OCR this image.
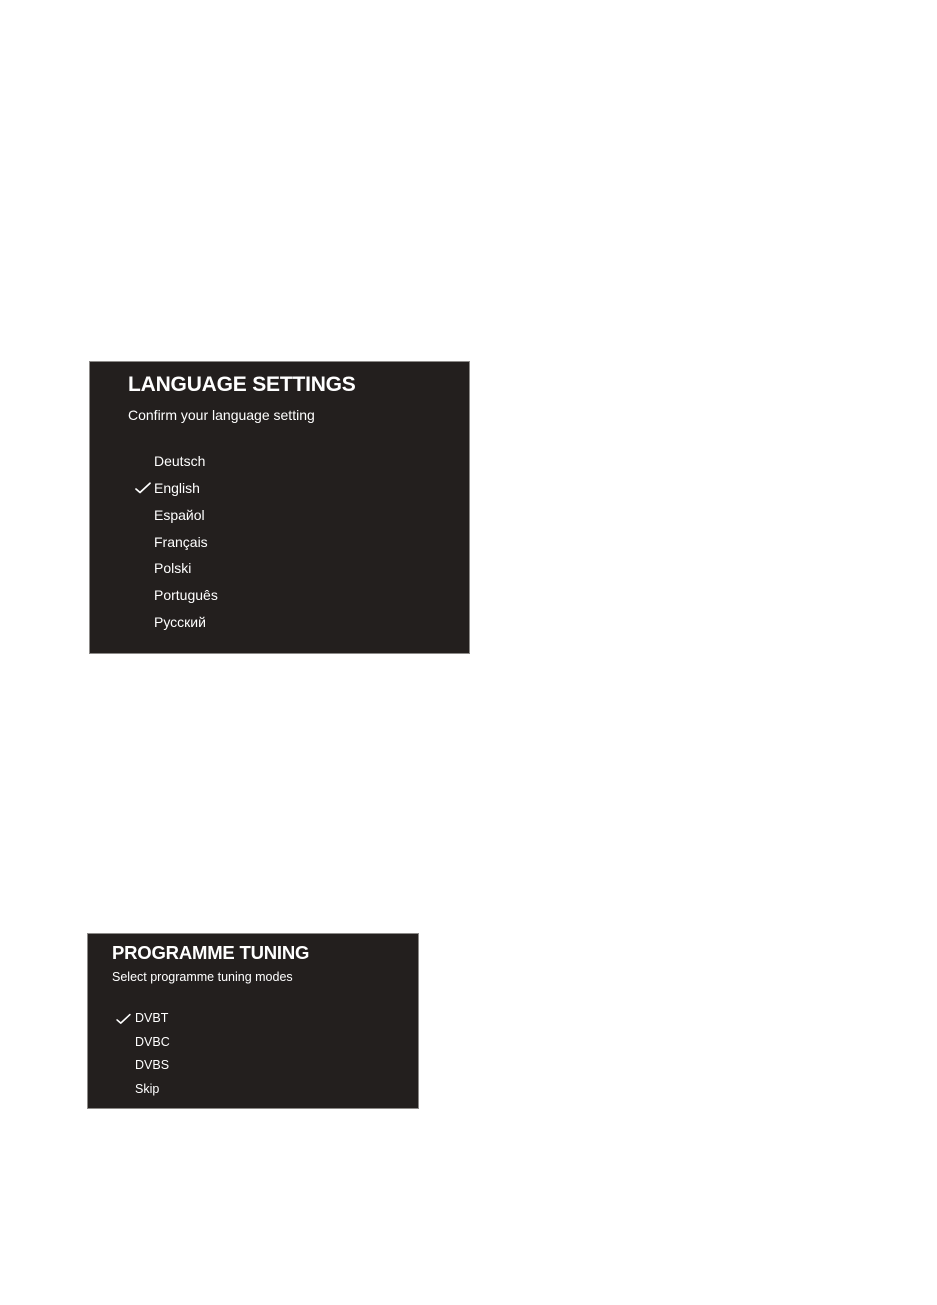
LANGUAGE SETTINGS
Confirm your language setting
Deutsch
English
Espaйol
Français
Polski
Português
Русский
PROGRAMME TUNING
Select programme tuning modes
DVBT
DVBC
DVBS
Skip
